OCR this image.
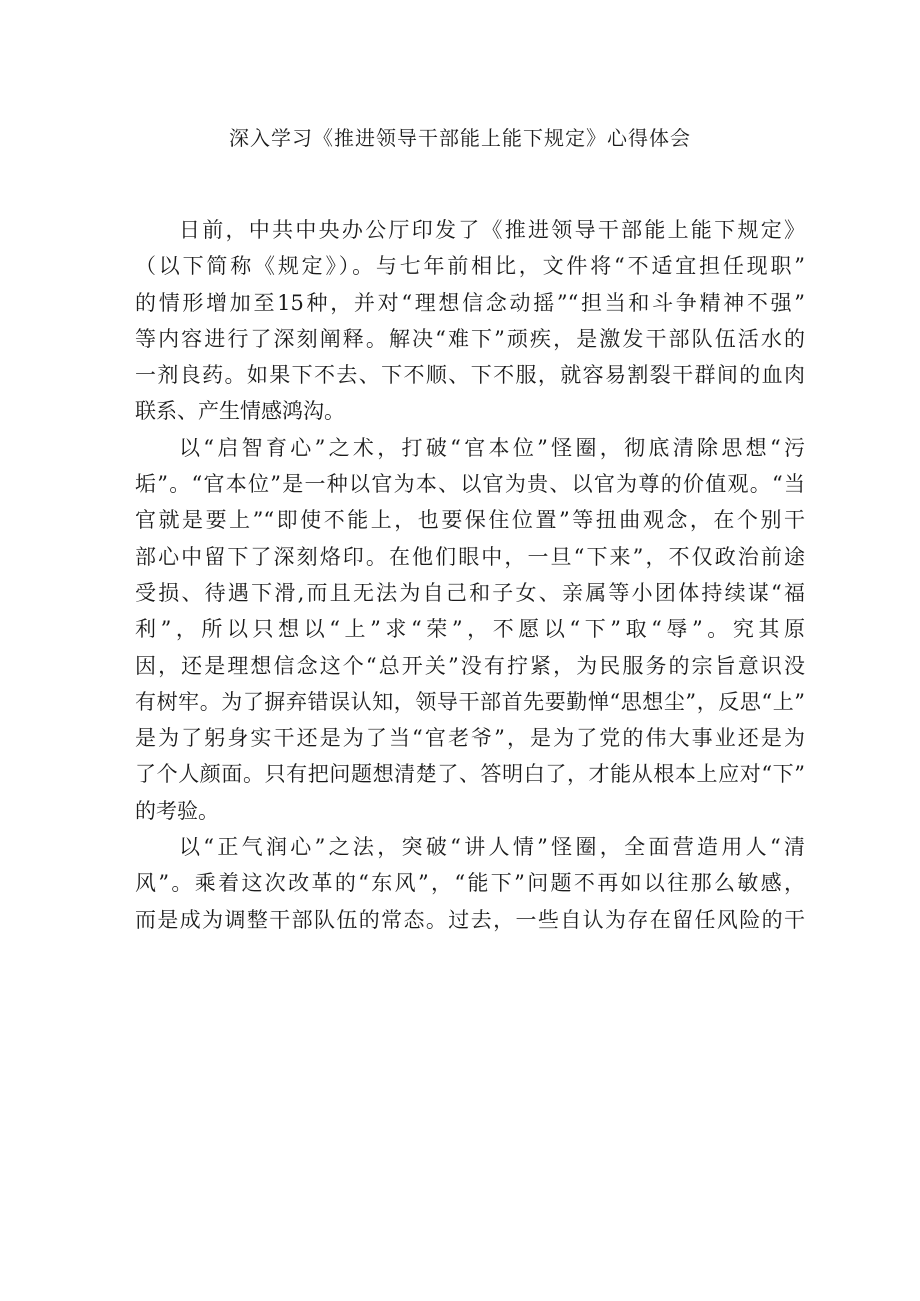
深入学习《推进领导干部能上能下规定》心得体会
日前，中共中央办公厅印发了《推进领导干部能上能下规定》
（以下简称《规定》）。与七年前相比，文件将“不适宜担任现职”
的情形增加至15种，并对“理想信念动摇”“担当和斗争精神不强”
等内容进行了深刻阐释。解决“难下”顽疾，是激发干部队伍活水的
一剂良药。如果下不去、下不顺、下不服，就容易割裂干群间的血肉
联系、产生情感鸿沟。
以“启智育心”之术，打破“官本位”怪圈，彻底清除思想“污
垢”。“官本位”是一种以官为本、以官为贵、以官为尊的价值观。“当
官就是要上”“即使不能上，也要保住位置”等扭曲观念，在个别干
部心中留下了深刻烙印。在他们眼中，一旦“下来”，不仅政治前途
受损、待遇下滑,而且无法为自己和子女、亲属等小团体持续谋“福
利”，所以只想以“上”求“荣”，不愿以“下”取“辱”。究其原
因，还是理想信念这个“总开关”没有拧紧，为民服务的宗旨意识没
有树牢。为了摒弃错误认知，领导干部首先要勤惮“思想尘”，反思“上”
是为了躬身实干还是为了当“官老爷”，是为了党的伟大事业还是为
了个人颜面。只有把问题想清楚了、答明白了，才能从根本上应对“下”
的考验。
以“正气润心”之法，突破“讲人情”怪圈，全面营造用人“清
风”。乘着这次改革的“东风”，“能下”问题不再如以往那么敏感，
而是成为调整干部队伍的常态。过去，一些自认为存在留任风险的干
